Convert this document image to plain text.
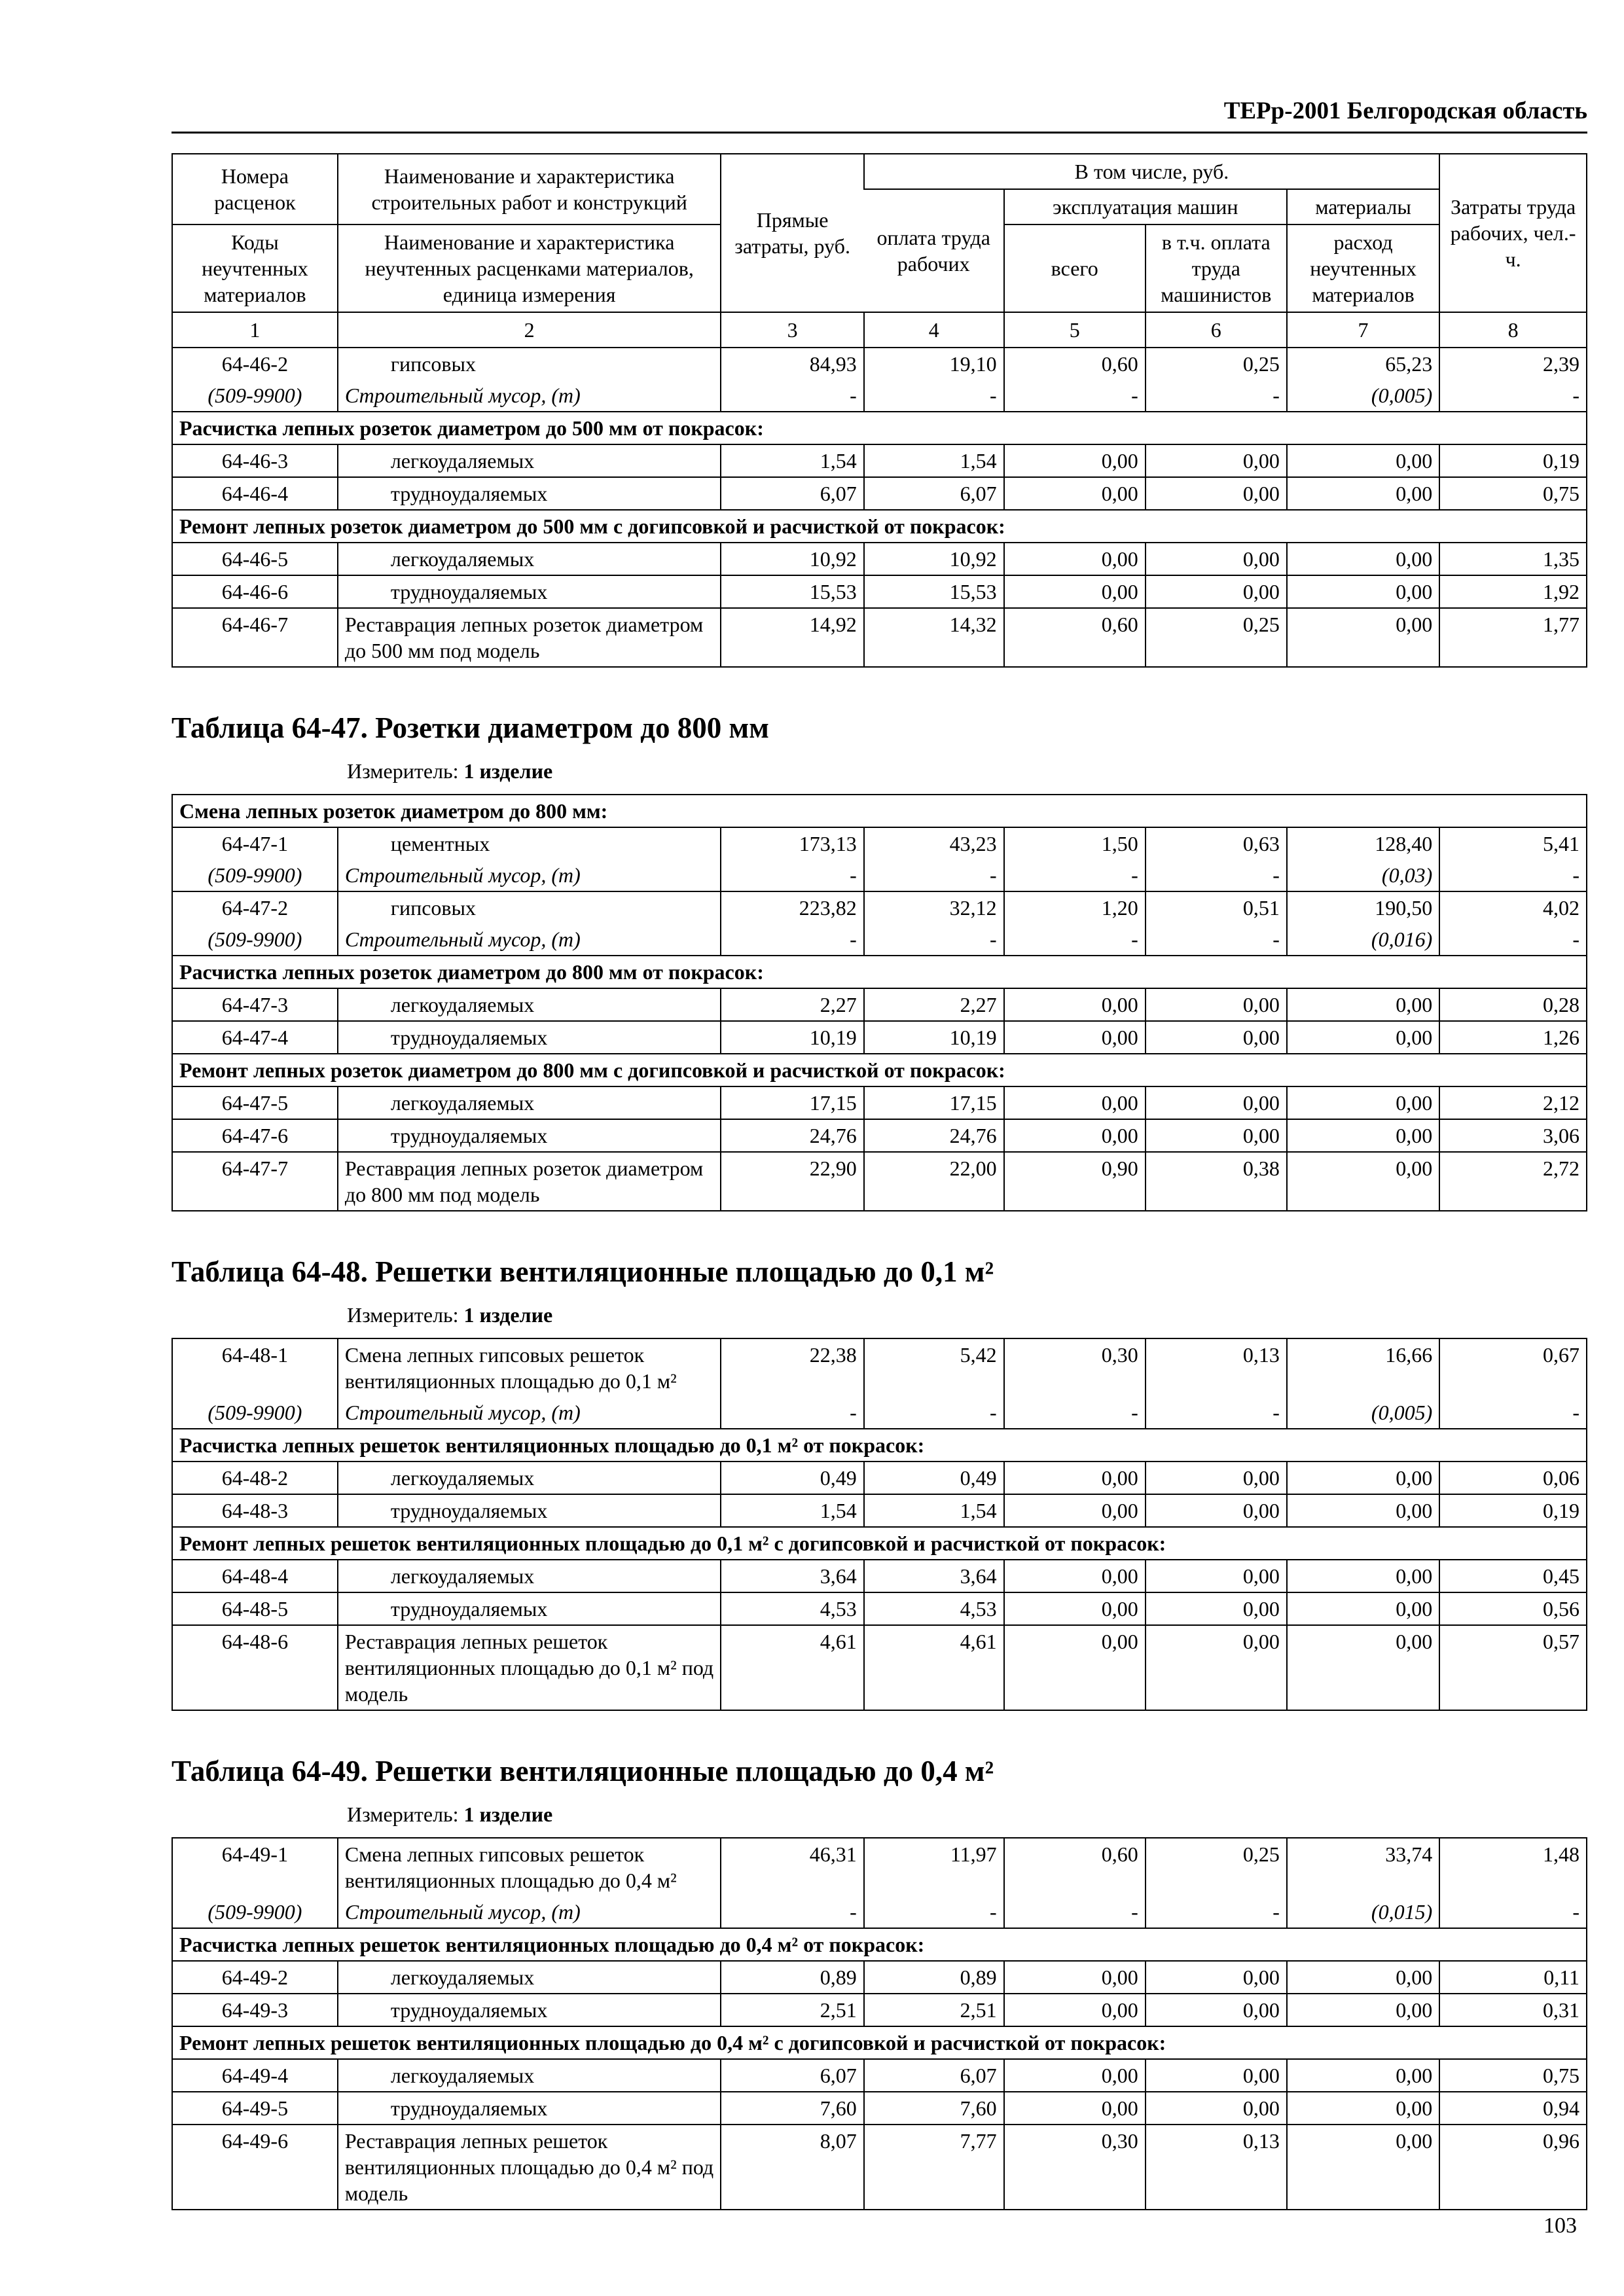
ТЕРр-2001 Белгородская область
Номера расценок	Наименование и характеристика строительных работ и конструкций	Прямые затраты, руб.	В том числе, руб.				Затраты труда рабочих, чел.-ч.
			оплата труда рабочих	эксплуатация машин		материалы	
Коды неучтенных материалов	Наименование и характеристика неучтенных расценками материалов, единица измерения			всего	в т.ч. оплата труда машинистов	расход неучтенных материалов	
1	2	3	4	5	6	7	8
64-46-2	гипсовых	84,93	19,10	0,60	0,25	65,23	2,39
(509-9900)	Строительный мусор, (т)	-	-	-	-	(0,005)	-
Расчистка лепных розеток диаметром до 500 мм от покрасок:							
64-46-3	легкоудаляемых	1,54	1,54	0,00	0,00	0,00	0,19
64-46-4	трудноудаляемых	6,07	6,07	0,00	0,00	0,00	0,75
Ремонт лепных розеток диаметром до 500 мм с догипсовкой и расчисткой от покрасок:							
64-46-5	легкоудаляемых	10,92	10,92	0,00	0,00	0,00	1,35
64-46-6	трудноудаляемых	15,53	15,53	0,00	0,00	0,00	1,92
64-46-7	Реставрация лепных розеток диаметром до 500 мм под модель	14,92	14,32	0,60	0,25	0,00	1,77
Таблица 64-47. Розетки диаметром до 800 мм
Измеритель: 1 изделие
Смена лепных розеток диаметром до 800 мм:							
64-47-1	цементных	173,13	43,23	1,50	0,63	128,40	5,41
(509-9900)	Строительный мусор, (т)	-	-	-	-	(0,03)	-
64-47-2	гипсовых	223,82	32,12	1,20	0,51	190,50	4,02
(509-9900)	Строительный мусор, (т)	-	-	-	-	(0,016)	-
Расчистка лепных розеток диаметром до 800 мм от покрасок:							
64-47-3	легкоудаляемых	2,27	2,27	0,00	0,00	0,00	0,28
64-47-4	трудноудаляемых	10,19	10,19	0,00	0,00	0,00	1,26
Ремонт лепных розеток диаметром до 800 мм с догипсовкой и расчисткой от покрасок:							
64-47-5	легкоудаляемых	17,15	17,15	0,00	0,00	0,00	2,12
64-47-6	трудноудаляемых	24,76	24,76	0,00	0,00	0,00	3,06
64-47-7	Реставрация лепных розеток диаметром до 800 мм под модель	22,90	22,00	0,90	0,38	0,00	2,72
Таблица 64-48. Решетки вентиляционные площадью до 0,1 м²
Измеритель: 1 изделие
64-48-1	Смена лепных гипсовых решеток вентиляционных площадью до 0,1 м²	22,38	5,42	0,30	0,13	16,66	0,67
(509-9900)	Строительный мусор, (т)	-	-	-	-	(0,005)	-
Расчистка лепных решеток вентиляционных площадью до 0,1 м² от покрасок:							
64-48-2	легкоудаляемых	0,49	0,49	0,00	0,00	0,00	0,06
64-48-3	трудноудаляемых	1,54	1,54	0,00	0,00	0,00	0,19
Ремонт лепных решеток вентиляционных площадью до 0,1 м² с догипсовкой и расчисткой от покрасок:							
64-48-4	легкоудаляемых	3,64	3,64	0,00	0,00	0,00	0,45
64-48-5	трудноудаляемых	4,53	4,53	0,00	0,00	0,00	0,56
64-48-6	Реставрация лепных решеток вентиляционных площадью до 0,1 м² под модель	4,61	4,61	0,00	0,00	0,00	0,57
Таблица 64-49. Решетки вентиляционные площадью до 0,4 м²
Измеритель: 1 изделие
64-49-1	Смена лепных гипсовых решеток вентиляционных площадью до 0,4 м²	46,31	11,97	0,60	0,25	33,74	1,48
(509-9900)	Строительный мусор, (т)	-	-	-	-	(0,015)	-
Расчистка лепных решеток вентиляционных площадью до 0,4 м² от покрасок:							
64-49-2	легкоудаляемых	0,89	0,89	0,00	0,00	0,00	0,11
64-49-3	трудноудаляемых	2,51	2,51	0,00	0,00	0,00	0,31
Ремонт лепных решеток вентиляционных площадью до 0,4 м² с догипсовкой и расчисткой от покрасок:							
64-49-4	легкоудаляемых	6,07	6,07	0,00	0,00	0,00	0,75
64-49-5	трудноудаляемых	7,60	7,60	0,00	0,00	0,00	0,94
64-49-6	Реставрация лепных решеток вентиляционных площадью до 0,4 м² под модель	8,07	7,77	0,30	0,13	0,00	0,96
103
